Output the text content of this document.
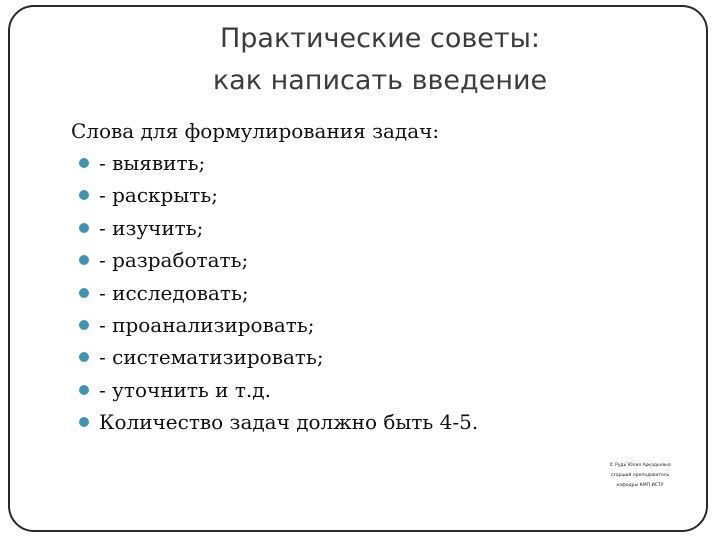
Практические советы:
как написать введение
Слова для формулирования задач:
- выявить;
- раскрыть;
- изучить;
- разработать;
- исследовать;
- проанализировать;
- систематизировать;
- уточнить и т.д.
Количество задач должно быть 4-5.
© Рудь Юлия Аркадьевна
старший преподаватель
кафедры КМП ИСТУ
